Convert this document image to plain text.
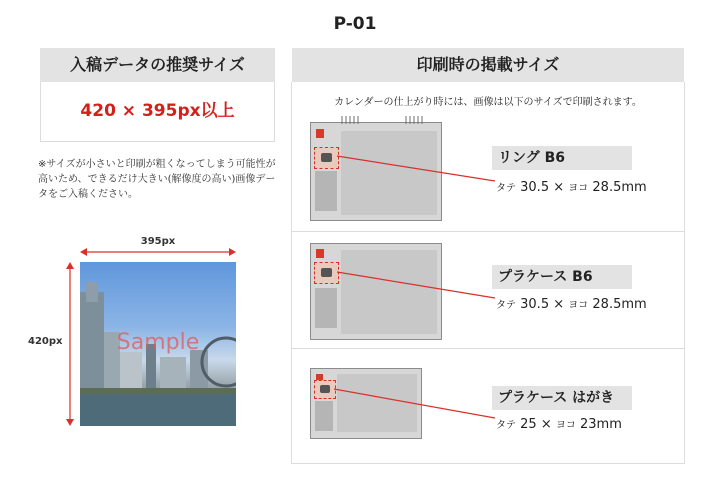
P-01
入稿データの推奨サイズ
420 × 395px以上
※サイズが小さいと印刷が粗くなってしまう可能性が高いため、できるだけ大きい(解像度の高い)画像データをご入稿ください。
395px
420px	Sample
印刷時の掲載サイズ
カレンダーの仕上がり時には、画像は以下のサイズで印刷されます。
リング B6
タテ 30.5 × ヨコ 28.5mm
プラケース B6
タテ 30.5 × ヨコ 28.5mm
プラケース はがき
タテ 25 × ヨコ 23mm
